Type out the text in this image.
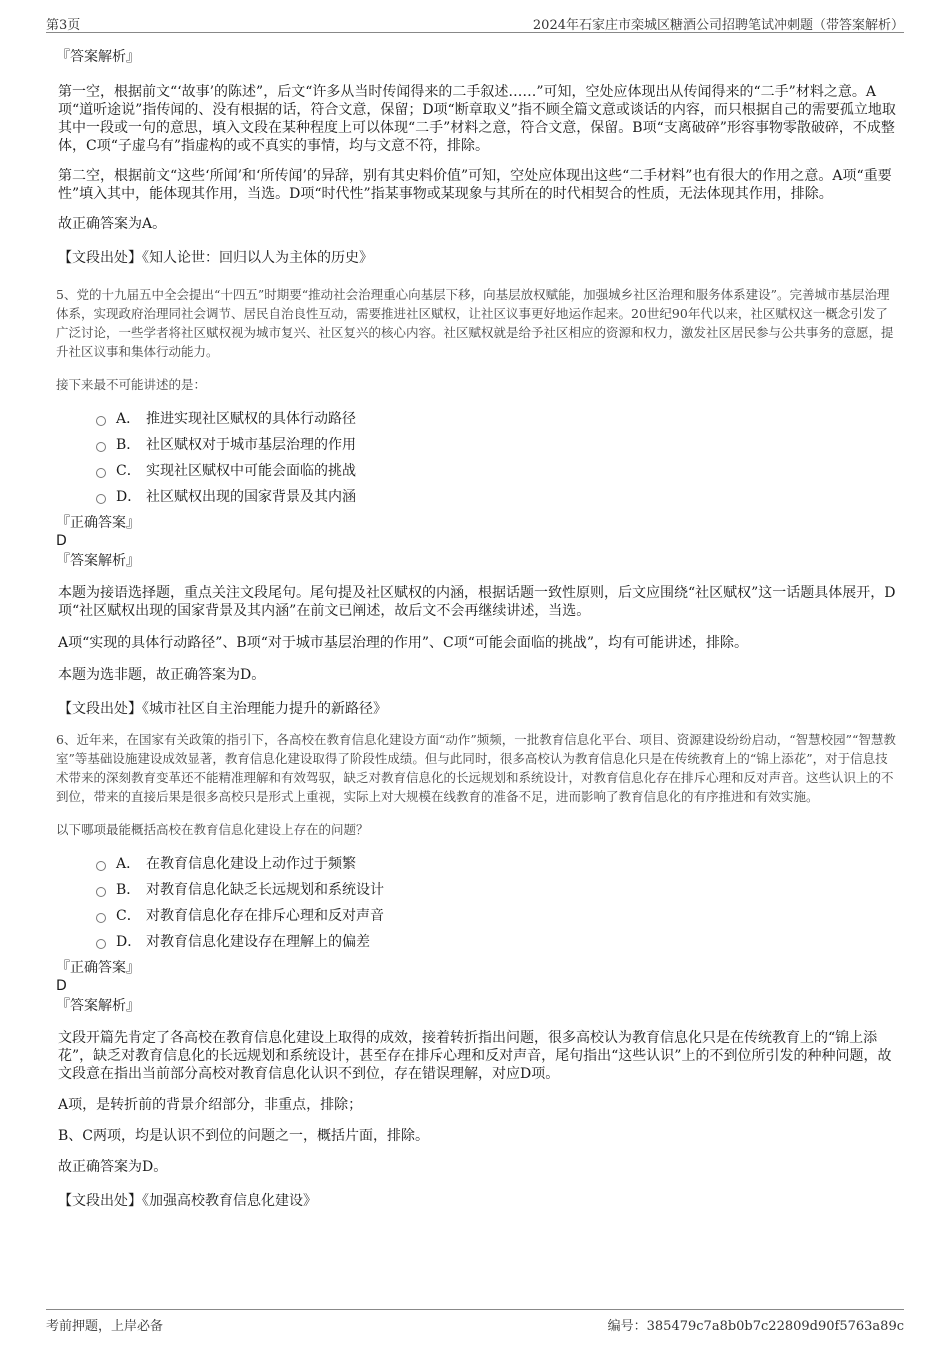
第3页	2024年石家庄市栾城区糖酒公司招聘笔试冲刺题（带答案解析）

『答案解析』

第一空，根据前文“‘故事’的陈述”，后文“许多从当时传闻得来的二手叙述……”可知，空处应体现出从传闻得来的“二手”材料之意。A项“道听途说”指传闻的、没有根据的话，符合文意，保留；D项“断章取义”指不顾全篇文意或谈话的内容，而只根据自己的需要孤立地取其中一段或一句的意思，填入文段在某种程度上可以体现“二手”材料之意，符合文意，保留。B项“支离破碎”形容事物零散破碎，不成整体，C项“子虚乌有”指虚构的或不真实的事情，均与文意不符，排除。

第二空，根据前文“这些‘所闻’和‘所传闻’的异辞，别有其史料价值”可知，空处应体现出这些“二手材料”也有很大的作用之意。A项“重要性”填入其中，能体现其作用，当选。D项“时代性”指某事物或某现象与其所在的时代相契合的性质，无法体现其作用，排除。

故正确答案为A。

【文段出处】《知人论世：回归以人为主体的历史》

5、党的十九届五中全会提出“十四五”时期要“推动社会治理重心向基层下移，向基层放权赋能，加强城乡社区治理和服务体系建设”。完善城市基层治理体系，实现政府治理同社会调节、居民自治良性互动，需要推进社区赋权，让社区议事更好地运作起来。20世纪90年代以来，社区赋权这一概念引发了广泛讨论，一些学者将社区赋权视为城市复兴、社区复兴的核心内容。社区赋权就是给予社区相应的资源和权力，激发社区居民参与公共事务的意愿，提升社区议事和集体行动能力。

接下来最不可能讲述的是：

A． 推进实现社区赋权的具体行动路径
B． 社区赋权对于城市基层治理的作用
C． 实现社区赋权中可能会面临的挑战
D． 社区赋权出现的国家背景及其内涵

『正确答案』

D

『答案解析』

本题为接语选择题，重点关注文段尾句。尾句提及社区赋权的内涵，根据话题一致性原则，后文应围绕“社区赋权”这一话题具体展开，D项“社区赋权出现的国家背景及其内涵”在前文已阐述，故后文不会再继续讲述，当选。

A项“实现的具体行动路径”、B项“对于城市基层治理的作用”、C项“可能会面临的挑战”，均有可能讲述，排除。

本题为选非题，故正确答案为D。

【文段出处】《城市社区自主治理能力提升的新路径》

6、近年来，在国家有关政策的指引下，各高校在教育信息化建设方面“动作”频频，一批教育信息化平台、项目、资源建设纷纷启动，“智慧校园”“智慧教室”等基础设施建设成效显著，教育信息化建设取得了阶段性成绩。但与此同时，很多高校认为教育信息化只是在传统教育上的“锦上添花”，对于信息技术带来的深刻教育变革还不能精准理解和有效驾驭，缺乏对教育信息化的长远规划和系统设计，对教育信息化存在排斥心理和反对声音。这些认识上的不到位，带来的直接后果是很多高校只是形式上重视，实际上对大规模在线教育的准备不足，进而影响了教育信息化的有序推进和有效实施。

以下哪项最能概括高校在教育信息化建设上存在的问题？

A． 在教育信息化建设上动作过于频繁
B． 对教育信息化缺乏长远规划和系统设计
C． 对教育信息化存在排斥心理和反对声音
D． 对教育信息化建设存在理解上的偏差

『正确答案』

D

『答案解析』

文段开篇先肯定了各高校在教育信息化建设上取得的成效，接着转折指出问题，很多高校认为教育信息化只是在传统教育上的“锦上添花”，缺乏对教育信息化的长远规划和系统设计，甚至存在排斥心理和反对声音，尾句指出“这些认识”上的不到位所引发的种种问题，故文段意在指出当前部分高校对教育信息化认识不到位，存在错误理解，对应D项。

A项，是转折前的背景介绍部分，非重点，排除；

B、C两项，均是认识不到位的问题之一，概括片面，排除。

故正确答案为D。

【文段出处】《加强高校教育信息化建设》

考前押题，上岸必备	编号：385479c7a8b0b7c22809d90f5763a89c
